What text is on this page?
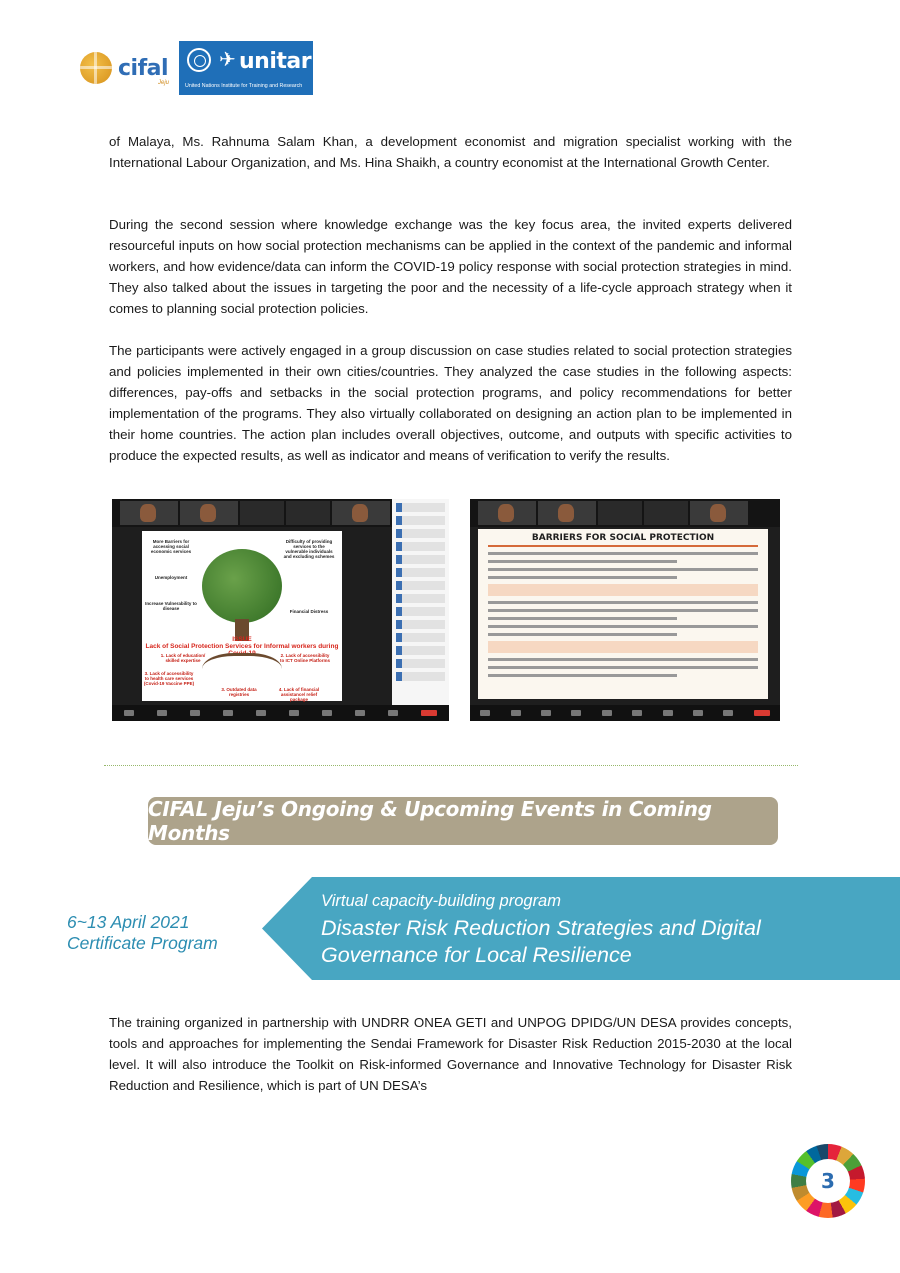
cifal
Jeju
✈ unitar
United Nations Institute for Training and Research

of Malaya, Ms. Rahnuma Salam Khan, a development economist and migration specialist working with the International Labour Organization, and Ms. Hina Shaikh, a country economist at the International Growth Center.

During the second session where knowledge exchange was the key focus area, the invited experts delivered resourceful inputs on how social protection mechanisms can be applied in the context of the pandemic and informal workers, and how evidence/data can inform the COVID-19 policy response with social protection strategies in mind. They also talked about the issues in targeting the poor and the necessity of a life-cycle approach strategy when it comes to planning social protection policies.

The participants were actively engaged in a group discussion on case studies related to social protection strategies and policies implemented in their own cities/countries. They analyzed the case studies in the following aspects: differences, pay-offs and setbacks in the social protection programs, and policy recommendations for better implementation of the programs. They also virtually collaborated on designing an action plan to be implemented in their home countries. The action plan includes overall objectives, outcome, and outputs with specific activities to produce the expected results, as well as indicator and means of verification to verify the results.

More Barriers for accessing social economic services
Difficulty of providing services to the vulnerable individuals and excluding schemes
Unemployment
Increase Vulnerability to disease
Financial Distress
ISSUE
Lack of Social Protection Services for Informal workers during Covid-19
1. Lack of education/ skilled expertise
2. Lack of accessibility to ICT Online Platforms
3. Lack of accessibility to health care services (Covid-19 Vaccine PPE)
3. Outdated data registries
4. Lack of financial assistance/ relief package
BARRIERS FOR SOCIAL PROTECTION
CIFAL Jeju’s Ongoing & Upcoming Events in Coming Months
6~13 April 2021
Certificate Program
Virtual capacity-building program
Disaster Risk Reduction Strategies and Digital Governance for Local Resilience

The training organized in partnership with UNDRR ONEA GETI and UNPOG DPIDG/UN DESA provides concepts, tools and approaches for implementing the Sendai Framework for Disaster Risk Reduction 2015-2030 at the local level. It will also introduce the Toolkit on Risk-informed Governance and Innovative Technology for Disaster Risk Reduction and Resilience, which is part of UN DESA’s

3
